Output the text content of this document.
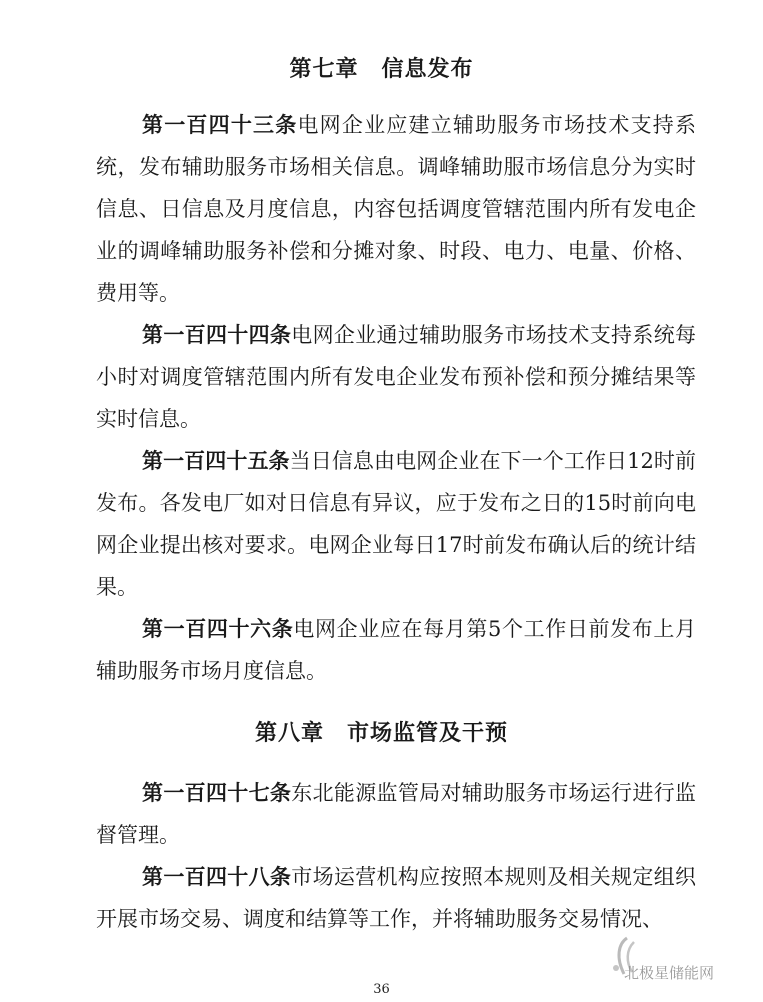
第七章　信息发布
第一百四十三条电网企业应建立辅助服务市场技术支持系统，发布辅助服务市场相关信息。调峰辅助服市场信息分为实时信息、日信息及月度信息，内容包括调度管辖范围内所有发电企业的调峰辅助服务补偿和分摊对象、时段、电力、电量、价格、费用等。
第一百四十四条电网企业通过辅助服务市场技术支持系统每小时对调度管辖范围内所有发电企业发布预补偿和预分摊结果等实时信息。
第一百四十五条当日信息由电网企业在下一个工作日12时前发布。各发电厂如对日信息有异议，应于发布之日的15时前向电网企业提出核对要求。电网企业每日17时前发布确认后的统计结果。
第一百四十六条电网企业应在每月第5个工作日前发布上月辅助服务市场月度信息。
第八章　市场监管及干预
第一百四十七条东北能源监管局对辅助服务市场运行进行监督管理。
第一百四十八条市场运营机构应按照本规则及相关规定组织开展市场交易、调度和结算等工作，并将辅助服务交易情况、
36
北极星储能网
